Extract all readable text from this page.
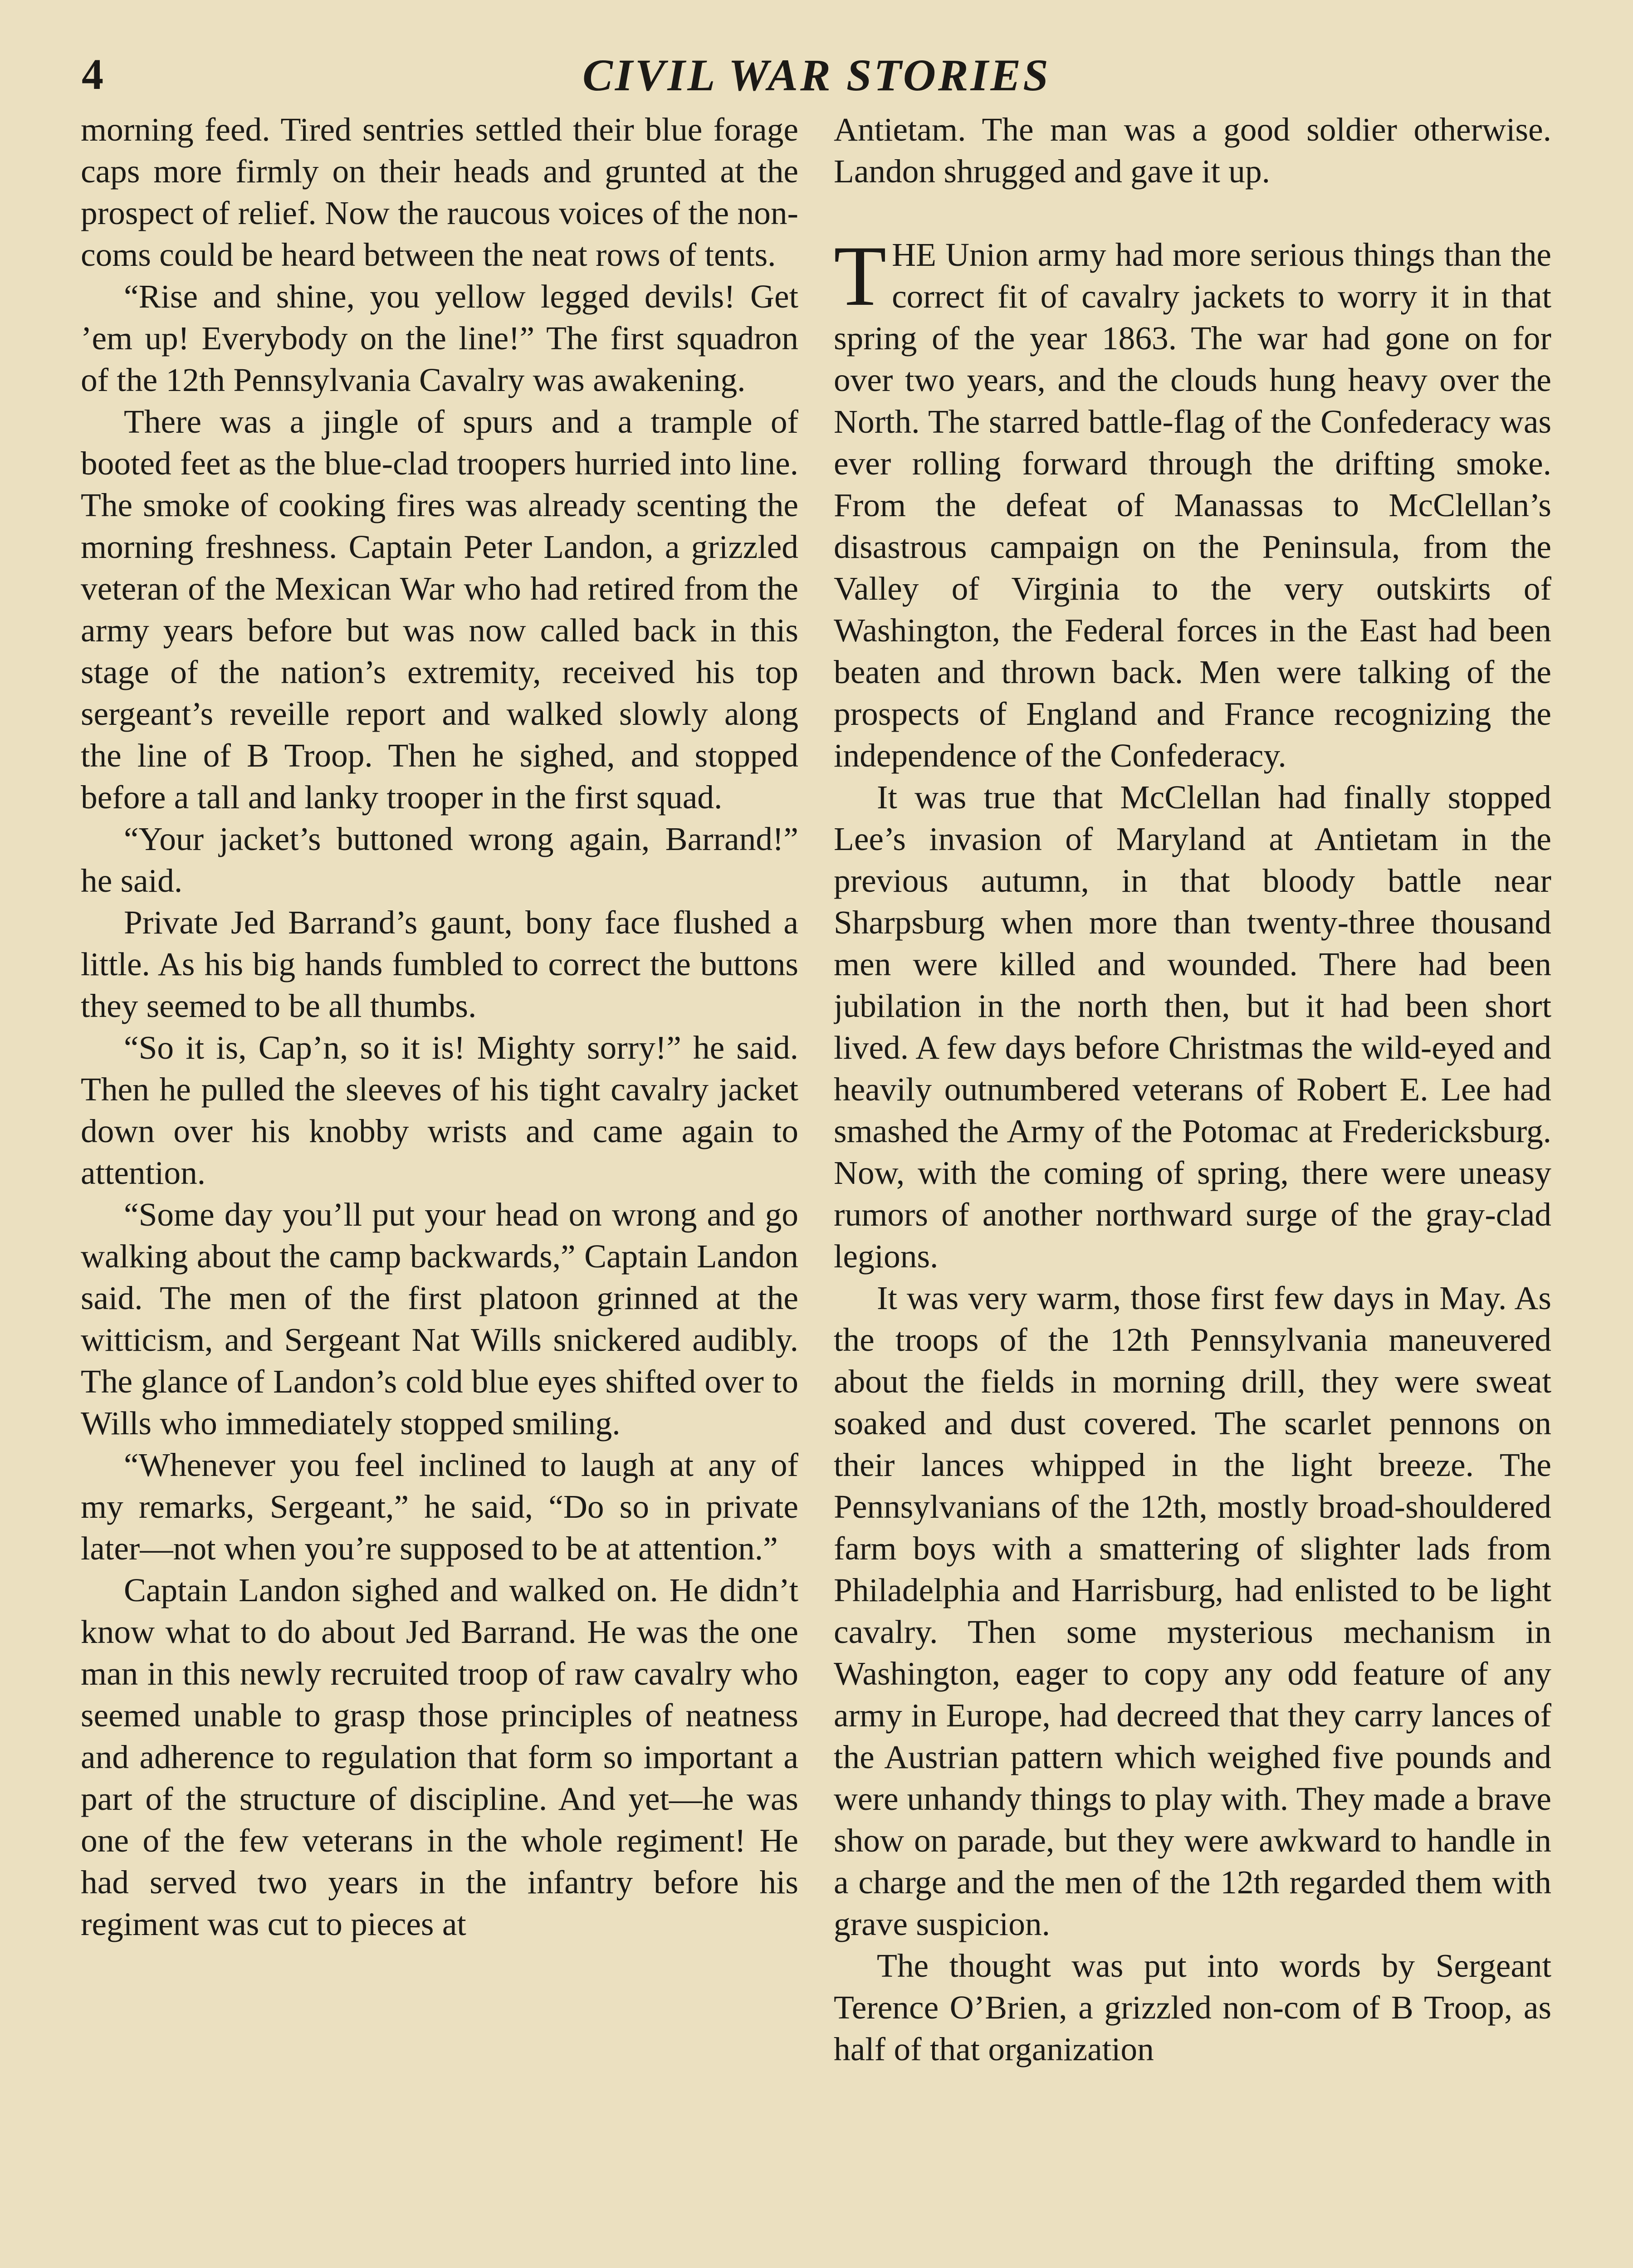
4	CIVIL WAR STORIES

morning feed. Tired sentries settled their blue forage caps more firmly on their heads and grunted at the prospect of relief. Now the raucous voices of the non-coms could be heard between the neat rows of tents.

“Rise and shine, you yellow legged devils! Get ’em up! Everybody on the line!” The first squadron of the 12th Pennsylvania Cavalry was awakening.

There was a jingle of spurs and a trample of booted feet as the blue-clad troopers hurried into line. The smoke of cooking fires was already scenting the morning freshness. Captain Peter Landon, a grizzled veteran of the Mexican War who had retired from the army years before but was now called back in this stage of the nation’s extremity, received his top sergeant’s reveille report and walked slowly along the line of B Troop. Then he sighed, and stopped before a tall and lanky trooper in the first squad.

“Your jacket’s buttoned wrong again, Barrand!” he said.

Private Jed Barrand’s gaunt, bony face flushed a little. As his big hands fumbled to correct the buttons they seemed to be all thumbs.

“So it is, Cap’n, so it is! Mighty sorry!” he said. Then he pulled the sleeves of his tight cavalry jacket down over his knobby wrists and came again to attention.

“Some day you’ll put your head on wrong and go walking about the camp backwards,” Captain Landon said. The men of the first platoon grinned at the witticism, and Sergeant Nat Wills snickered audibly. The glance of Landon’s cold blue eyes shifted over to Wills who immediately stopped smiling.

“Whenever you feel inclined to laugh at any of my remarks, Sergeant,” he said, “Do so in private later—not when you’re supposed to be at attention.”

Captain Landon sighed and walked on. He didn’t know what to do about Jed Barrand. He was the one man in this newly recruited troop of raw cavalry who seemed unable to grasp those principles of neatness and adherence to regulation that form so important a part of the structure of discipline. And yet—he was one of the few veterans in the whole regiment! He had served two years in the infantry before his regiment was cut to pieces at

Antietam. The man was a good soldier otherwise. Landon shrugged and gave it up.

THE Union army had more serious things than the correct fit of cavalry jackets to worry it in that spring of the year 1863. The war had gone on for over two years, and the clouds hung heavy over the North. The starred battle-flag of the Confederacy was ever rolling forward through the drifting smoke. From the defeat of Manassas to McClellan’s disastrous campaign on the Peninsula, from the Valley of Virginia to the very outskirts of Washington, the Federal forces in the East had been beaten and thrown back. Men were talking of the prospects of England and France recognizing the independence of the Confederacy.

It was true that McClellan had finally stopped Lee’s invasion of Maryland at Antietam in the previous autumn, in that bloody battle near Sharpsburg when more than twenty-three thousand men were killed and wounded. There had been jubilation in the north then, but it had been short lived. A few days before Christmas the wild-eyed and heavily outnumbered veterans of Robert E. Lee had smashed the Army of the Potomac at Fredericksburg. Now, with the coming of spring, there were uneasy rumors of another northward surge of the gray-clad legions.

It was very warm, those first few days in May. As the troops of the 12th Pennsylvania maneuvered about the fields in morning drill, they were sweat soaked and dust covered. The scarlet pennons on their lances whipped in the light breeze. The Pennsylvanians of the 12th, mostly broad-shouldered farm boys with a smattering of slighter lads from Philadelphia and Harrisburg, had enlisted to be light cavalry. Then some mysterious mechanism in Washington, eager to copy any odd feature of any army in Europe, had decreed that they carry lances of the Austrian pattern which weighed five pounds and were unhandy things to play with. They made a brave show on parade, but they were awkward to handle in a charge and the men of the 12th regarded them with grave suspicion.

The thought was put into words by Sergeant Terence O’Brien, a grizzled non-com of B Troop, as half of that organization
